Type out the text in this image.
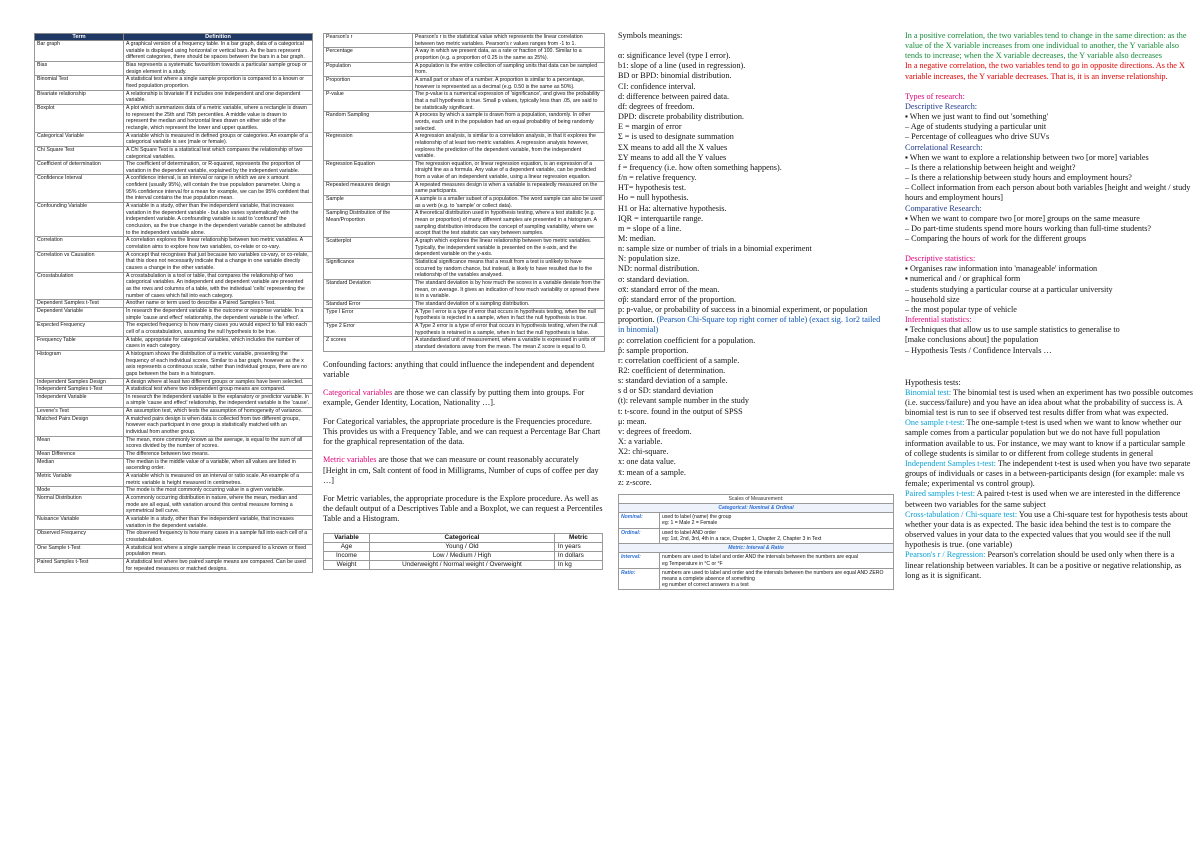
Term	Definition
Bar graph	A graphical version of a frequency table. In a bar graph, data of a categorical variable is displayed using horizontal or vertical bars. As the bars represent different categories, there should be spaces between the bars in a bar graph.
Bias	Bias represents a systematic favouritism towards a particular sample group or design element in a study.
Binomial Test	A statistical test where a single sample proportion is compared to a known or fixed population proportion.
Bivariate relationship	A relationship is bivariate if it includes one independent and one dependent variable.
Boxplot	A plot which summarizes data of a metric variable, where a rectangle is drawn to represent the 25th and 75th percentiles. A middle value is drawn to represent the median and horizontal lines drawn on either side of the rectangle, which represent the lower and upper quartiles.
Categorical Variable	A variable which is measured in defined groups or categories. An example of a categorical variable is sex (male or female).
Chi Square Test	A Chi Square Test is a statistical test which compares the relationship of two categorical variables.
Coefficient of determination	The coefficient of determination, or R-squared, represents the proportion of variation in the dependent variable, explained by the independent variable.
Confidence Interval	A confidence interval, is an interval or range in which we are x amount confident (usually 95%), will contain the true population parameter. Using a 95% confidence interval for a mean for example, we can be 95% confident that the interval contains the true population mean.
Confounding Variable	A variable in a study, other than the independent variable, that increases variation in the dependent variable - but also varies systematically with the independent variable. A confounding variable is said to 'confound' the conclusion, as the true change in the dependent variable cannot be attributed to the independent variable alone.
Correlation	A correlation explores the linear relationship between two metric variables. A correlation aims to explore how two variables, co-relate or co-vary.
Correlation vs Causation	A concept that recognises that just because two variables co-vary, or co-relate, that this does not necessarily indicate that a change in one variable directly causes a change in the other variable.
Crosstabulation	A crosstabulation is a tool or table, that compares the relationship of two categorical variables. An independent and dependent variable are presented as the rows and columns of a table, with the individual 'cells' representing the number of cases which fall into each category.
Dependent Samples t-Test	Another name or term used to describe a Paired Samples t-Test.
Dependent Variable	In research the dependent variable is the outcome or response variable. In a simple 'cause and effect' relationship, the dependent variable is the 'effect'.
Expected Frequency	The expected frequency is how many cases you would expect to fall into each cell of a crosstabulation, assuming the null hypothesis to be true.
Frequency Table	A table, appropriate for categorical variables, which includes the number of cases in each category.
Histogram	A histogram shows the distribution of a metric variable, presenting the frequency of each individual scores. Similar to a bar graph, however as the x axis represents a continuous scale, rather than individual groups, there are no gaps between the bars in a histogram.
Independent Samples Design	A design where at least two different groups or samples have been selected.
Independent Samples t-Test	A statistical test where two independent group means are compared.
Independent Variable	In research the independent variable is the explanatory or predictor variable. In a simple 'cause and effect' relationship, the independent variable is the 'cause'.
Levene's Test	An assumption test, which tests the assumption of homogeneity of variance.
Matched Pairs Design	A matched pairs design is when data is collected from two different groups, however each participant in one group is statistically matched with an individual from another group.
Mean	The mean, more commonly known as the average, is equal to the sum of all scores divided by the number of scores.
Mean Difference	The difference between two means.
Median	The median is the middle value of a variable, when all values are listed in ascending order.
Metric Variable	A variable which is measured on an interval or ratio scale. An example of a metric variable is height measured in centimetres.
Mode	The mode is the most commonly occurring value in a given variable.
Normal Distribution	A commonly occurring distribution in nature, where the mean, median and mode are all equal, with variation around this central measure forming a symmetrical bell curve.
Nuisance Variable	A variable in a study, other than the independent variable, that increases variation in the dependent variable.
Observed Frequency	The observed frequency is how many cases in a sample fall into each cell of a crosstabulation.
One Sample t-Test	A statistical test where a single sample mean is compared to a known or fixed population mean.
Paired Samples t-Test	A statistical test where two paired sample means are compared. Can be used for repeated measures or matched designs.
Pearson's r	Pearson's r is the statistical value which represents the linear correlation between two metric variables. Pearson's r values ranges from -1 to 1.
Percentage	A way in which we present data, as a rate or fraction of 100. Similar to a proportion (e.g. a proportion of 0.25 is the same as 25%).
Population	A population is the entire collection of sampling units that data can be sampled from.
Proportion	A small part or share of a number. A proportion is similar to a percentage, however is represented as a decimal (e.g. 0.50 is the same as 50%).
P-value	The p-value is a numerical expression of 'significance', and gives the probability that a null hypothesis is true. Small p values, typically less than .05, are said to be statistically significant.
Random Sampling	A process by which a sample is drawn from a population, randomly. In other words, each unit in the population had an equal probability of being randomly selected.
Regression	A regression analysis, is similar to a correlation analysis, in that it explores the relationship of at least two metric variables. A regression analysis however, explores the prediction of the dependent variable, from the independent variable.
Regression Equation	The regression equation, or linear regression equation, is an expression of a straight line as a formula. Any value of a dependent variable, can be predicted from a value of an independent variable, using a linear regression equation.
Repeated measures design	A repeated measures design is when a variable is repeatedly measured on the same participants.
Sample	A sample is a smaller subset of a population. The word sample can also be used as a verb (e.g. to 'sample' or collect data).
Sampling Distribution of the Mean/Proportion	A theoretical distribution used in hypothesis testing, where a test statistic (e.g. mean or proportion) of many different samples are presented in a histogram. A sampling distribution introduces the concept of sampling variability, where we accept that the test statistic can vary between samples.
Scatterplot	A graph which explores the linear relationship between two metric variables. Typically, the independent variable is presented on the x-axis, and the dependent variable on the y-axis.
Significance	Statistical significance means that a result from a test is unlikely to have occurred by random chance, but instead, is likely to have resulted due to the relationship of the variables analysed.
Standard Deviation	The standard deviation is by how much the scores in a variable deviate from the mean, on average. It gives an indication of how much variability or spread there is in a variable.
Standard Error	The standard deviation of a sampling distribution.
Type I Error	A Type I error is a type of error that occurs in hypothesis testing, when the null hypothesis is rejected in a sample, when in fact the null hypothesis is true.
Type 2 Error	A Type 2 error is a type of error that occurs in hypothesis testing, when the null hypothesis is retained in a sample, when in fact the null hypothesis is false.
Z scores	A standardised unit of measurement, where a variable is expressed in units of standard deviations away from the mean. The mean Z score is equal to 0.

Confounding factors: anything that could influence the independent and dependent variable

Categorical variables are those we can classify by putting them into groups. For example, Gender Identity, Location, Nationality …].

For Categorical variables, the appropriate procedure is the Frequencies procedure. This provides us with a Frequency Table, and we can request a Percentage Bar Chart for the graphical representation of the data.

Metric variables are those that we can measure or count reasonably accurately [Height in cm, Salt content of food in Milligrams, Number of cups of coffee per day …]

For Metric variables, the appropriate procedure is the Explore procedure. As well as the default output of a Descriptives Table and a Boxplot, we can request a Percentiles Table and a Histogram.

Variable	Categorical	Metric
Age	Young / Old	In years
Income	Low / Medium / High	In dollars
Weight	Underweight / Normal weight / Overweight	In kg

Symbols meanings:

α: significance level (type I error).

b1: slope of a line (used in regression).

BD or BPD: binomial distribution.

CI: confidence interval.

d: difference between paired data.

df: degrees of freedom.

DPD: discrete probability distribution.

E = margin of error

Σ = is used to designate summation

ΣX means to add all the X values

ΣY means to add all the Y values

f = frequency (i.e. how often something happens).

f/n = relative frequency.

HT= hypothesis test.

Ho = null hypothesis.

H1 or Ha: alternative hypothesis.

IQR = interquartile range.

m = slope of a line.

M: median.

n: sample size or number of trials in a binomial experiment

N: population size.

ND: normal distribution.

σ: standard deviation.

σx̄: standard error of the mean.

σp̂: standard error of the proportion.

p: p-value, or probability of success in a binomial experiment, or population proportion. (Pearson Chi-Square top right corner of table) (exact sig. 1or2 tailed in binomial)

ρ: correlation coefficient for a population.

p̂: sample proportion.

r: correlation coefficient of a sample.

R2: coefficient of determination.

s: standard deviation of a sample.

s d or SD: standard deviation

(t): relevant sample number in the study

t: t-score. found in the output of SPSS

μ: mean.

v: degrees of freedom.

X: a variable.

X2: chi-square.

x: one data value.

x̄: mean of a sample.

z: z-score.

Scales of Measurement:	
Categorical: Nominal & Ordinal	
Nominal:	used to label (name) the group
eg: 1 = Male 2 = Female

Ordinal:	used to label AND order
eg: 1st, 2nd, 3rd, 4th in a race, Chapter 1, Chapter 2, Chapter 3 in Text

Metric: Interval & Ratio	
Interval:	numbers are used to label and order AND the intervals between the numbers are equal
eg Temperature in °C or °F

Ratio:	numbers are used to label and order and the intervals between the numbers are equal AND ZERO means a complete absence of something
eg number of correct answers in a test

In a positive correlation, the two variables tend to change in the same direction: as the value of the X variable increases from one individual to another, the Y variable also tends to increase; when the X variable decreases, the Y variable also decreases

In a negative correlation, the two variables tend to go in opposite directions. As the X variable increases, the Y variable decreases. That is, it is an inverse relationship.

Types of research:

Descriptive Research:

▪ When we just want to find out 'something'

– Age of students studying a particular unit

– Percentage of colleagues who drive SUVs

Correlational Research:

▪ When we want to explore a relationship between two [or more] variables

– Is there a relationship between height and weight?

– Is there a relationship between study hours and employment hours?

– Collect information from each person about both variables [height and weight / study hours and employment hours]

Comparative Research:

▪ When we want to compare two [or more] groups on the same measure

– Do part-time students spend more hours working than full-time students?

– Comparing the hours of work for the different groups

Descriptive statistics:

▪ Organises raw information into 'manageable' information

▪ numerical and / or graphical form

– students studying a particular course at a particular university

– household size

– the most popular type of vehicle

Inferential statistics:

▪ Techniques that allow us to use sample statistics to generalise to

[make conclusions about] the population

– Hypothesis Tests / Confidence Intervals …

Hypothesis tests:

Binomial test: The binomial test is used when an experiment has two possible outcomes (i.e. success/failure) and you have an idea about what the probability of success is. A binomial test is run to see if observed test results differ from what was expected.

One sample t-test: The one-sample t-test is used when we want to know whether our sample comes from a particular population but we do not have full population information available to us. For instance, we may want to know if a particular sample of college students is similar to or different from college students in general

Independent Samples t-test: The independent t-test is used when you have two separate groups of individuals or cases in a between-participants design (for example: male vs female; experimental vs control group).

Paired samples t-test: A paired t-test is used when we are interested in the difference between two variables for the same subject

Cross-tabulation / Chi-square test: You use a Chi-square test for hypothesis tests about whether your data is as expected. The basic idea behind the test is to compare the observed values in your data to the expected values that you would see if the null hypothesis is true. (one variable)

Pearson's r / Regression: Pearson's correlation should be used only when there is a linear relationship between variables. It can be a positive or negative relationship, as long as it is significant.
